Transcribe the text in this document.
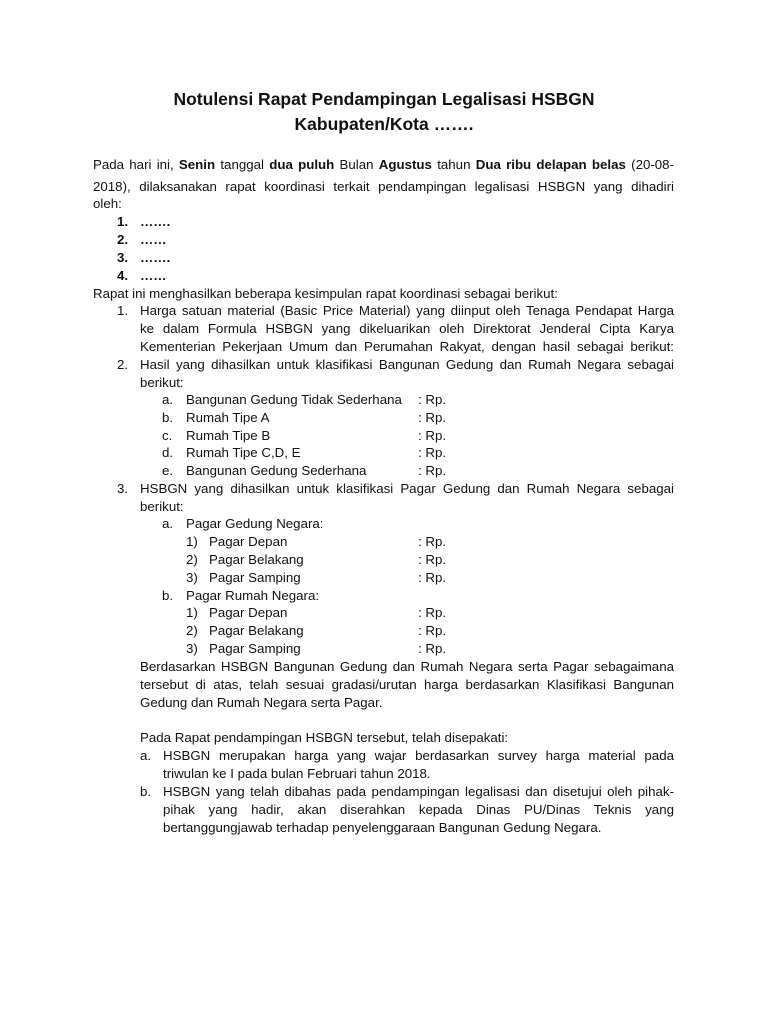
Notulensi Rapat Pendampingan Legalisasi HSBGN
Kabupaten/Kota …….
Pada hari ini, Senin tanggal dua puluh Bulan Agustus tahun Dua ribu delapan belas (20-08-
2018), dilaksanakan rapat koordinasi terkait pendampingan legalisasi HSBGN yang dihadiri
oleh:
1. …….
2. ……
3. …….
4. ……
Rapat ini menghasilkan beberapa kesimpulan rapat koordinasi sebagai berikut:
1. Harga satuan material (Basic Price Material) yang diinput oleh Tenaga Pendapat Harga
ke dalam Formula HSBGN yang dikeluarikan oleh Direktorat Jenderal Cipta Karya
Kementerian Pekerjaan Umum dan Perumahan Rakyat, dengan hasil sebagai berikut:
2. Hasil yang dihasilkan untuk klasifikasi Bangunan Gedung dan Rumah Negara sebagai
berikut:
a. Bangunan Gedung Tidak Sederhana : Rp.
b. Rumah Tipe A	: Rp.
c. Rumah Tipe B	: Rp.
d. Rumah Tipe C,D, E	: Rp.
e. Bangunan Gedung Sederhana	: Rp.
3. HSBGN yang dihasilkan untuk klasifikasi Pagar Gedung dan Rumah Negara sebagai
berikut:
a. Pagar Gedung Negara:
1) Pagar Depan	: Rp.
2) Pagar Belakang	: Rp.
3) Pagar Samping	: Rp.
b. Pagar Rumah Negara:
1) Pagar Depan	: Rp.
2) Pagar Belakang	: Rp.
3) Pagar Samping	: Rp.
Berdasarkan HSBGN Bangunan Gedung dan Rumah Negara serta Pagar sebagaimana
tersebut di atas, telah sesuai gradasi/urutan harga berdasarkan Klasifikasi Bangunan
Gedung dan Rumah Negara serta Pagar.
Pada Rapat pendampingan HSBGN tersebut, telah disepakati:
a. HSBGN merupakan harga yang wajar berdasarkan survey harga material pada
triwulan ke I pada bulan Februari tahun 2018.
b. HSBGN yang telah dibahas pada pendampingan legalisasi dan disetujui oleh pihak-
pihak yang hadir, akan diserahkan kepada Dinas PU/Dinas Teknis yang
bertanggungjawab terhadap penyelenggaraan Bangunan Gedung Negara.
